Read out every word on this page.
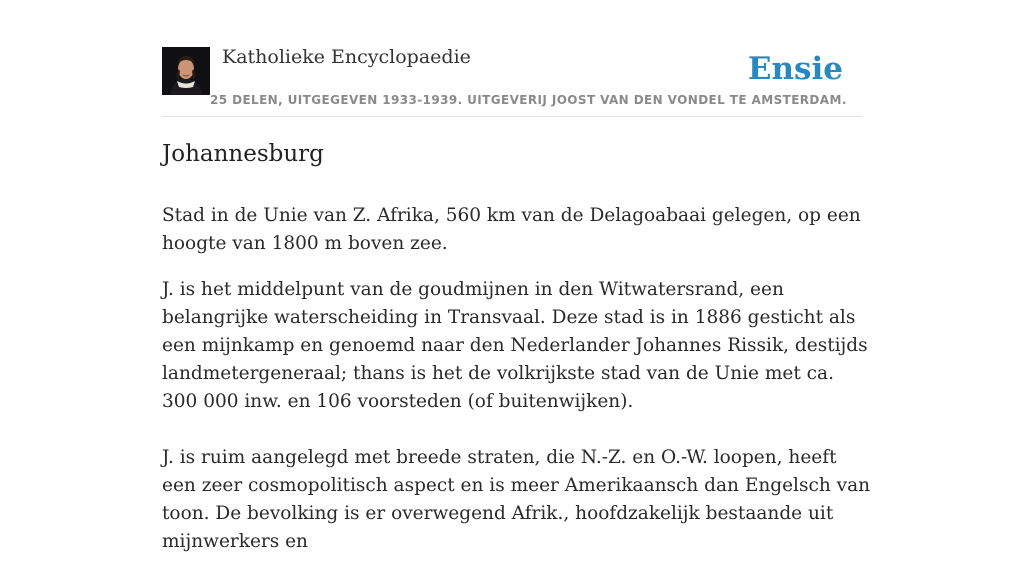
Katholieke Encyclopaedie	Ensie
25 DELEN, UITGEGEVEN 1933-1939. UITGEVERIJ JOOST VAN DEN VONDEL TE AMSTERDAM.
Johannesburg

Stad in de Unie van Z. Afrika, 560 km van de Delagoabaai gelegen, op een hoogte van 1800 m boven zee.

J. is het middelpunt van de goudmijnen in den Witwatersrand, een belangrijke waterscheiding in Transvaal. Deze stad is in 1886 gesticht als een mijnkamp en genoemd naar den Nederlander Johannes Rissik, destijds landmetergeneraal; thans is het de volkrijkste stad van de Unie met ca. 300 000 inw. en 106 voorsteden (of buitenwijken).

J. is ruim aangelegd met breede straten, die N.-Z. en O.-W. loopen, heeft een zeer cosmopolitisch aspect en is meer Amerikaansch dan Engelsch van toon. De bevolking is er overwegend Afrik., hoofdzakelijk bestaande uit mijnwerkers en
